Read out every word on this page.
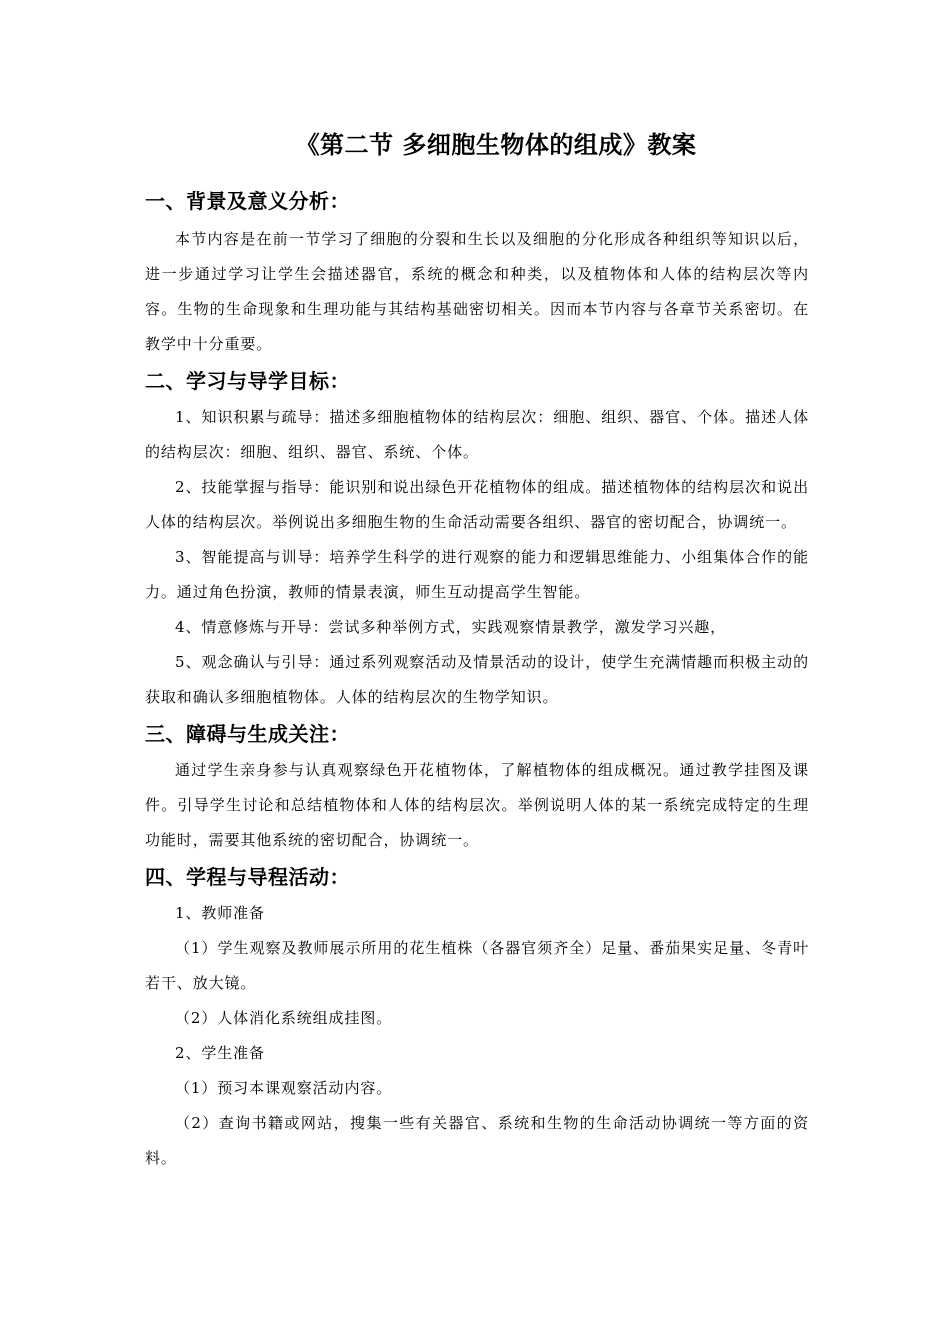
《第二节 多细胞生物体的组成》教案
一、背景及意义分析：

本节内容是在前一节学习了细胞的分裂和生长以及细胞的分化形成各种组织等知识以后，进一步通过学习让学生会描述器官，系统的概念和种类，以及植物体和人体的结构层次等内容。生物的生命现象和生理功能与其结构基础密切相关。因而本节内容与各章节关系密切。在教学中十分重要。

二、学习与导学目标：

1、知识积累与疏导：描述多细胞植物体的结构层次：细胞、组织、器官、个体。描述人体的结构层次：细胞、组织、器官、系统、个体。

2、技能掌握与指导：能识别和说出绿色开花植物体的组成。描述植物体的结构层次和说出人体的结构层次。举例说出多细胞生物的生命活动需要各组织、器官的密切配合，协调统一。

3、智能提高与训导：培养学生科学的进行观察的能力和逻辑思维能力、小组集体合作的能力。通过角色扮演，教师的情景表演，师生互动提高学生智能。

4、情意修炼与开导：尝试多种举例方式，实践观察情景教学，激发学习兴趣，

5、观念确认与引导：通过系列观察活动及情景活动的设计，使学生充满情趣而积极主动的获取和确认多细胞植物体。人体的结构层次的生物学知识。

三、障碍与生成关注：

通过学生亲身参与认真观察绿色开花植物体，了解植物体的组成概况。通过教学挂图及课件。引导学生讨论和总结植物体和人体的结构层次。举例说明人体的某一系统完成特定的生理功能时，需要其他系统的密切配合，协调统一。

四、学程与导程活动：

1、教师准备

（1）学生观察及教师展示所用的花生植株（各器官须齐全）足量、番茄果实足量、冬青叶若干、放大镜。

（2）人体消化系统组成挂图。

2、学生准备

（1）预习本课观察活动内容。

（2）查询书籍或网站，搜集一些有关器官、系统和生物的生命活动协调统一等方面的资料。
